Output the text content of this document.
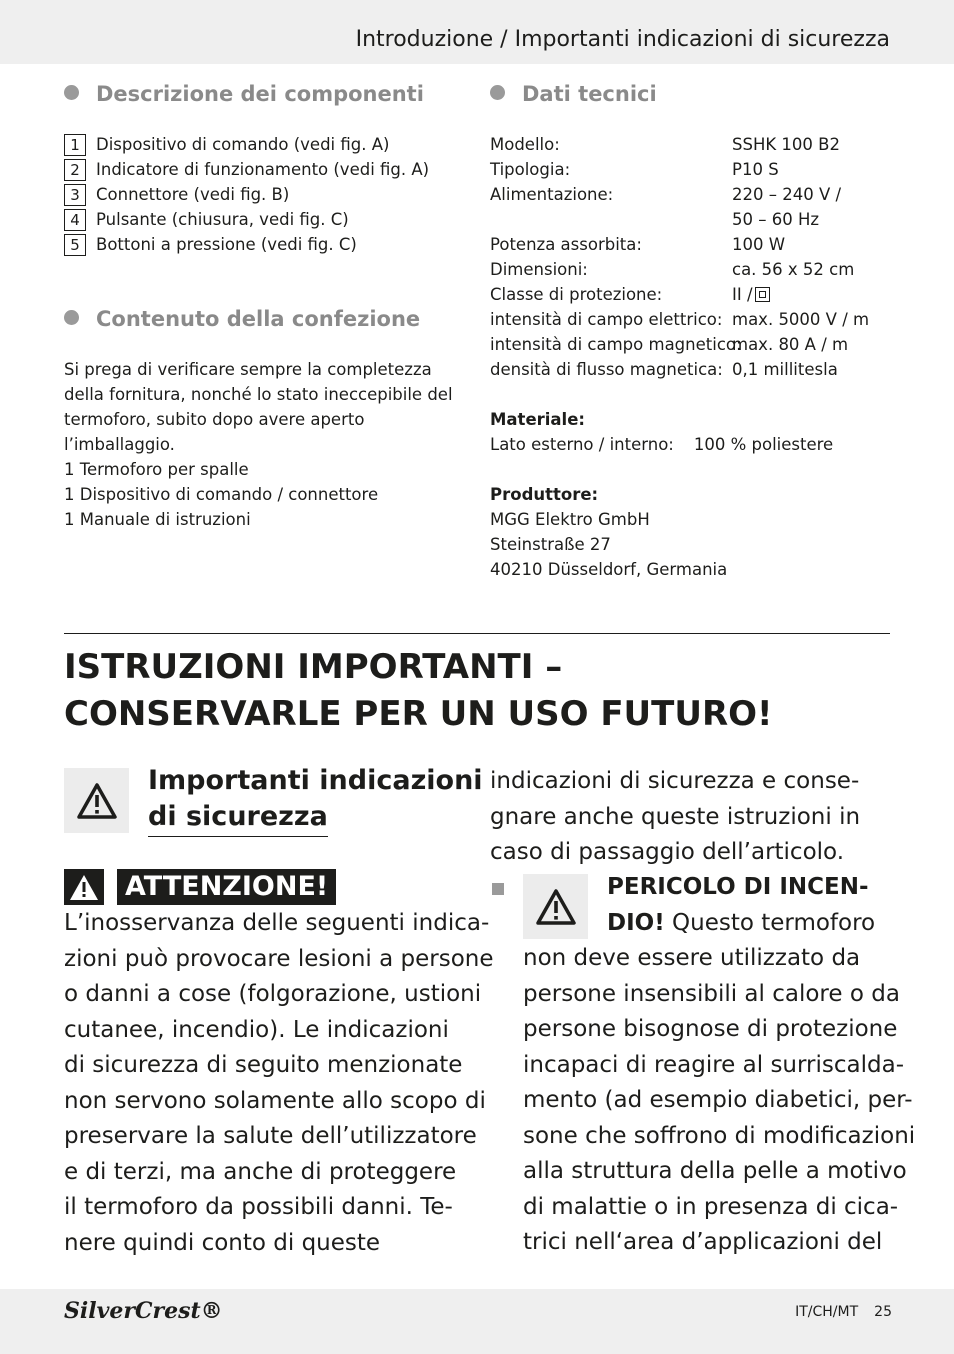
Introduzione / Importanti indicazioni di sicurezza
Descrizione dei componenti
1 Dispositivo di comando (vedi fig. A)
2 Indicatore di funzionamento (vedi fig. A)
3 Connettore (vedi fig. B)
4 Pulsante (chiusura, vedi fig. C)
5 Bottoni a pressione (vedi fig. C)
Contenuto della confezione
Si prega di verificare sempre la completezza della fornitura, nonché lo stato ineccepibile del termoforo, subito dopo avere aperto l’imballaggio.
1 Termoforo per spalle
1 Dispositivo di comando / connettore
1 Manuale di istruzioni
Dati tecnici
Modello:	SSHK 100 B2
Tipologia:	P10 S
Alimentazione:	220 – 240 V /
50 – 60 Hz
Potenza assorbita:	100 W
Dimensioni:	ca. 56 x 52 cm
Classe di protezione:	II /
intensità di campo elettrico: max. 5000 V / m
intensità di campo magnetico:
max. 80 A / m
densità di flusso magnetica: 0,1 millitesla
Materiale:
Lato esterno / interno: 100 % poliestere
Produttore:
MGG Elektro GmbH
Steinstraße 27
40210 Düsseldorf, Germania
ISTRUZIONI IMPORTANTI –
CONSERVARLE PER UN USO FUTURO!
Importanti indicazioni
di sicurezza
ATTENZIONE!
L’inosservanza delle seguenti indica-
zioni può provocare lesioni a persone
o danni a cose (folgorazione, ustioni
cutanee, incendio). Le indicazioni
di sicurezza di seguito menzionate
non servono solamente allo scopo di
preservare la salute dell’utilizzatore
e di terzi, ma anche di proteggere
il termoforo da possibili danni. Te-
nere quindi conto di queste
indicazioni di sicurezza e conse-
gnare anche queste istruzioni in
caso di passaggio dell’articolo.
PERICOLO DI INCEN-
DIO! Questo termoforo
non deve essere utilizzato da
persone insensibili al calore o da
persone bisognose di protezione
incapaci di reagire al surriscalda-
mento (ad esempio diabetici, per-
sone che soffrono di modificazioni
alla struttura della pelle a motivo
di malattie o in presenza di cica-
trici nell‘area d’applicazioni del
SilverCrest®	IT/CH/MT 25
